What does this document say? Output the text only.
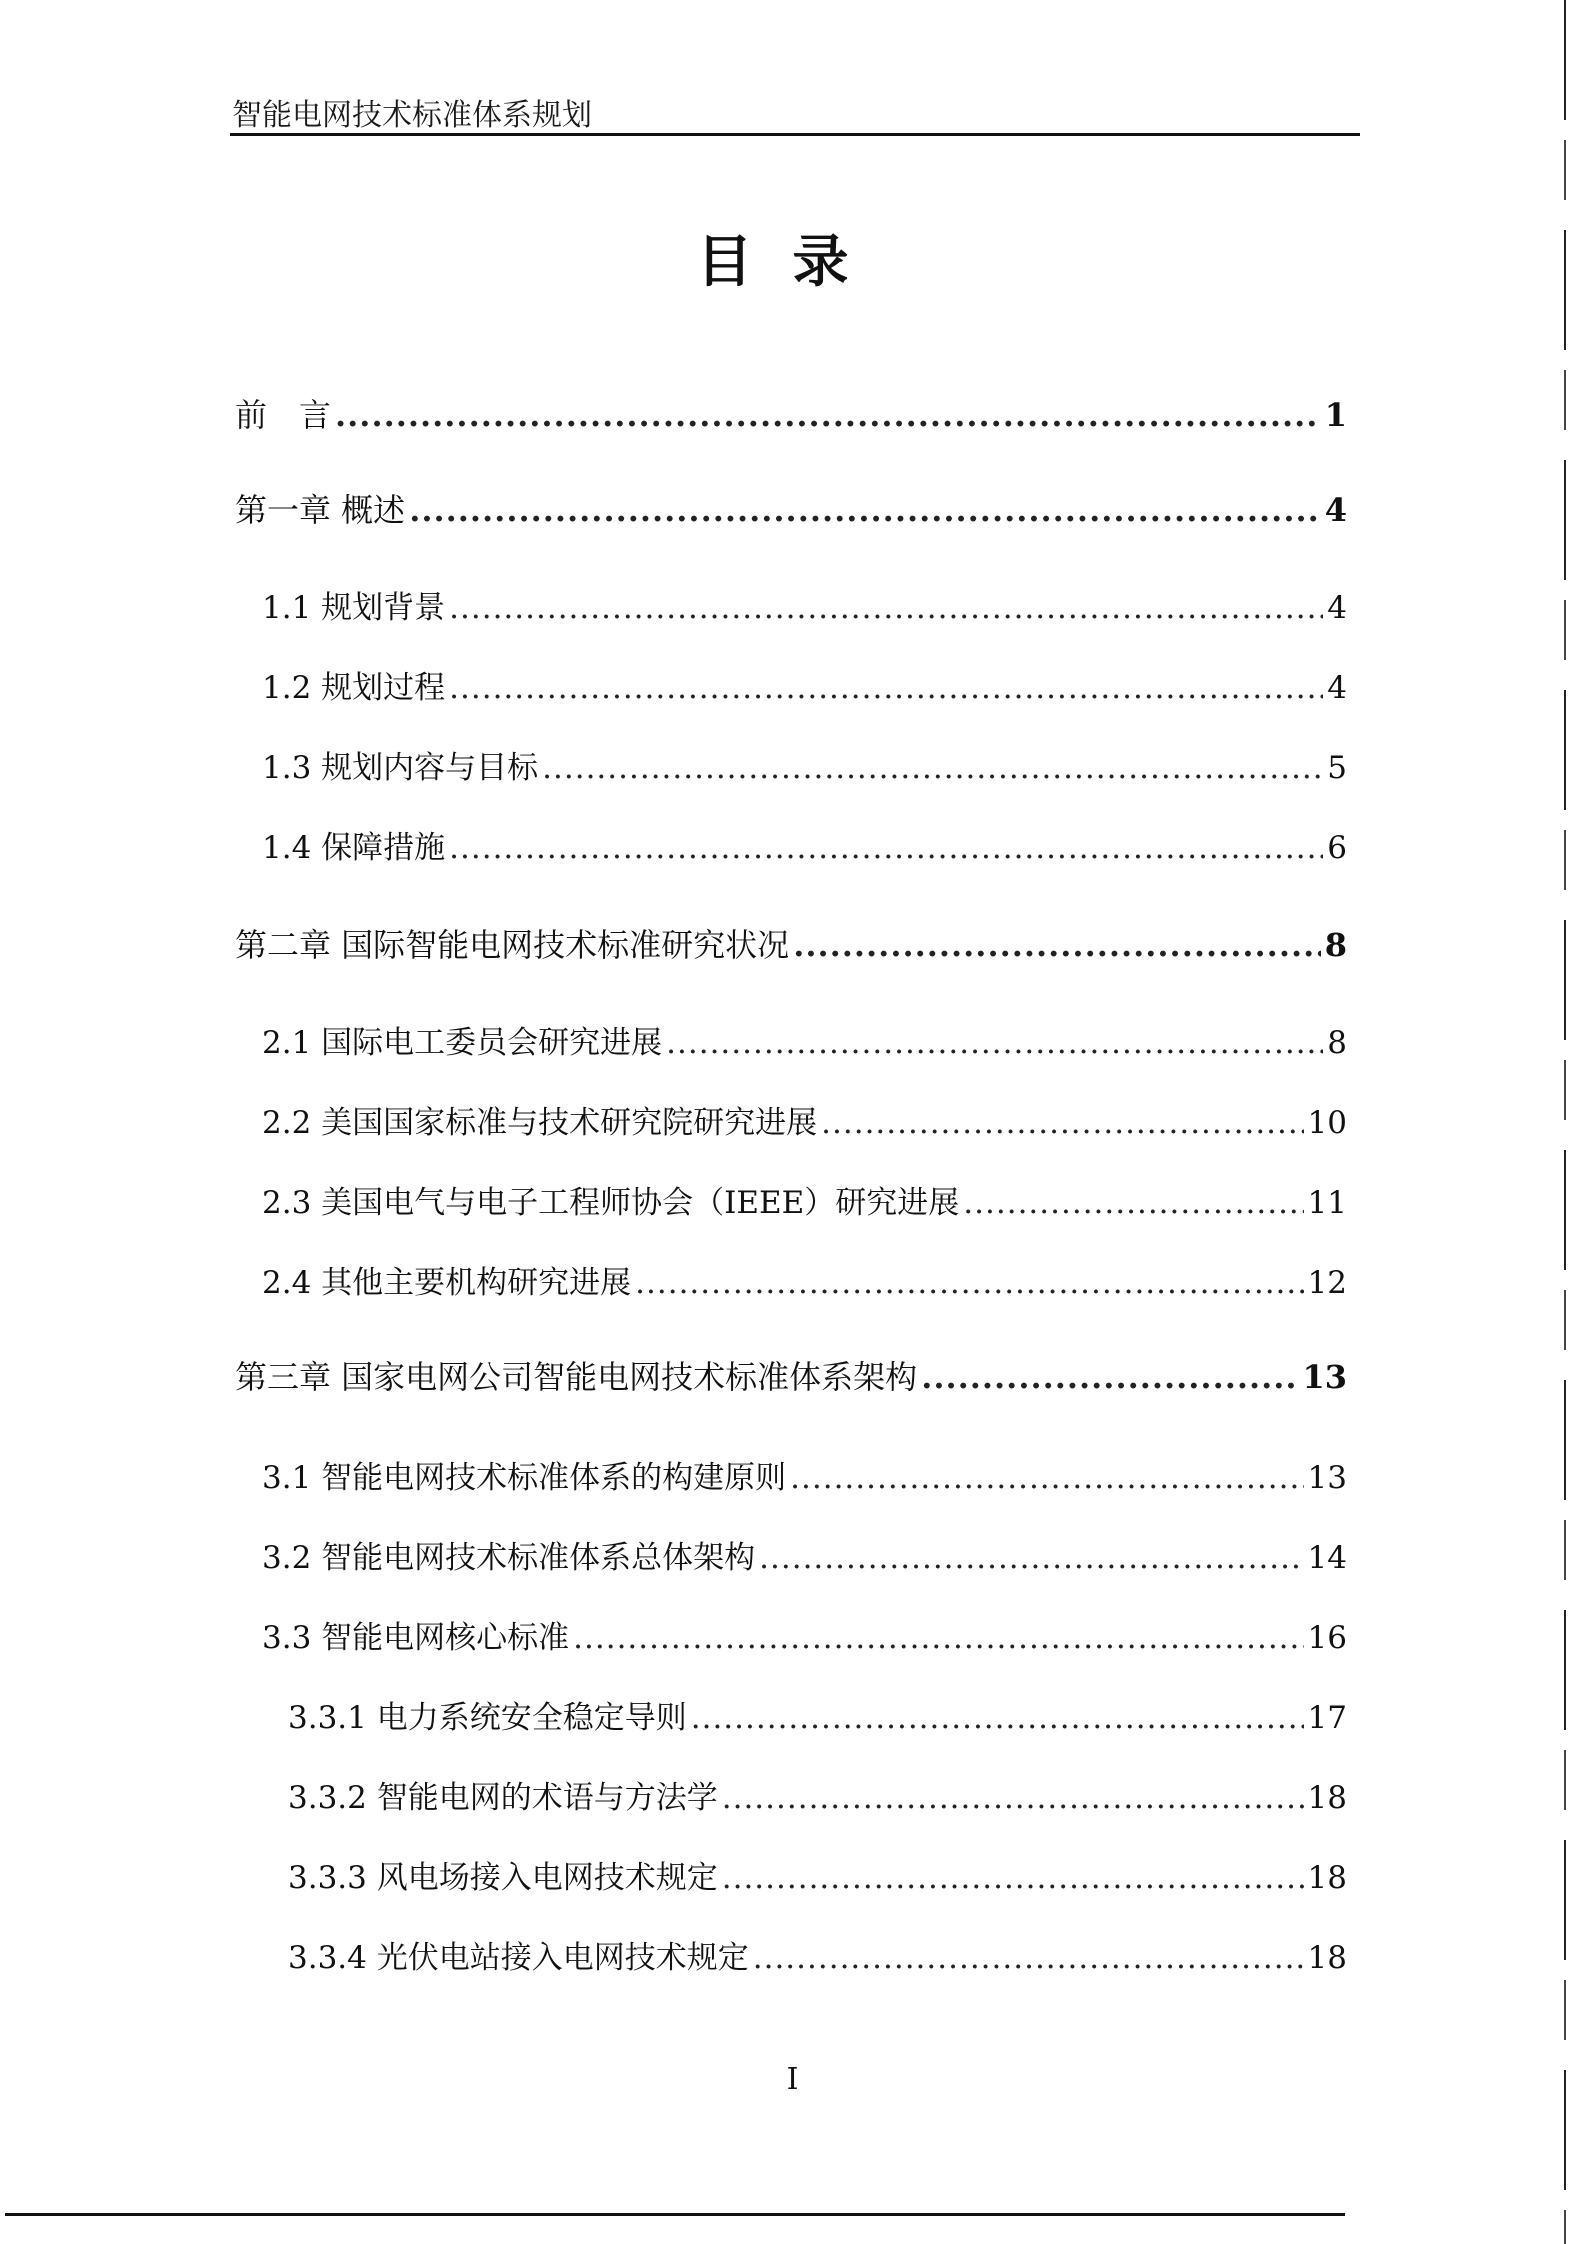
智能电网技术标准体系规划
目录
前　言 .....	1
第一章 概述 .....	4
1.1 规划背景 .....	4
1.2 规划过程 .....	4
1.3 规划内容与目标 .....	5
1.4 保障措施 .....	6
第二章 国际智能电网技术标准研究状况 .....	8
2.1 国际电工委员会研究进展 .....	8
2.2 美国国家标准与技术研究院研究进展 .....	10
2.3 美国电气与电子工程师协会（IEEE）研究进展 .....	11
2.4 其他主要机构研究进展 .....	12
第三章 国家电网公司智能电网技术标准体系架构 .....	13
3.1 智能电网技术标准体系的构建原则 .....	13
3.2 智能电网技术标准体系总体架构 .....	14
3.3 智能电网核心标准 .....	16
3.3.1 电力系统安全稳定导则 .....	17
3.3.2 智能电网的术语与方法学 .....	18
3.3.3 风电场接入电网技术规定 .....	18
3.3.4 光伏电站接入电网技术规定 .....	18
I
